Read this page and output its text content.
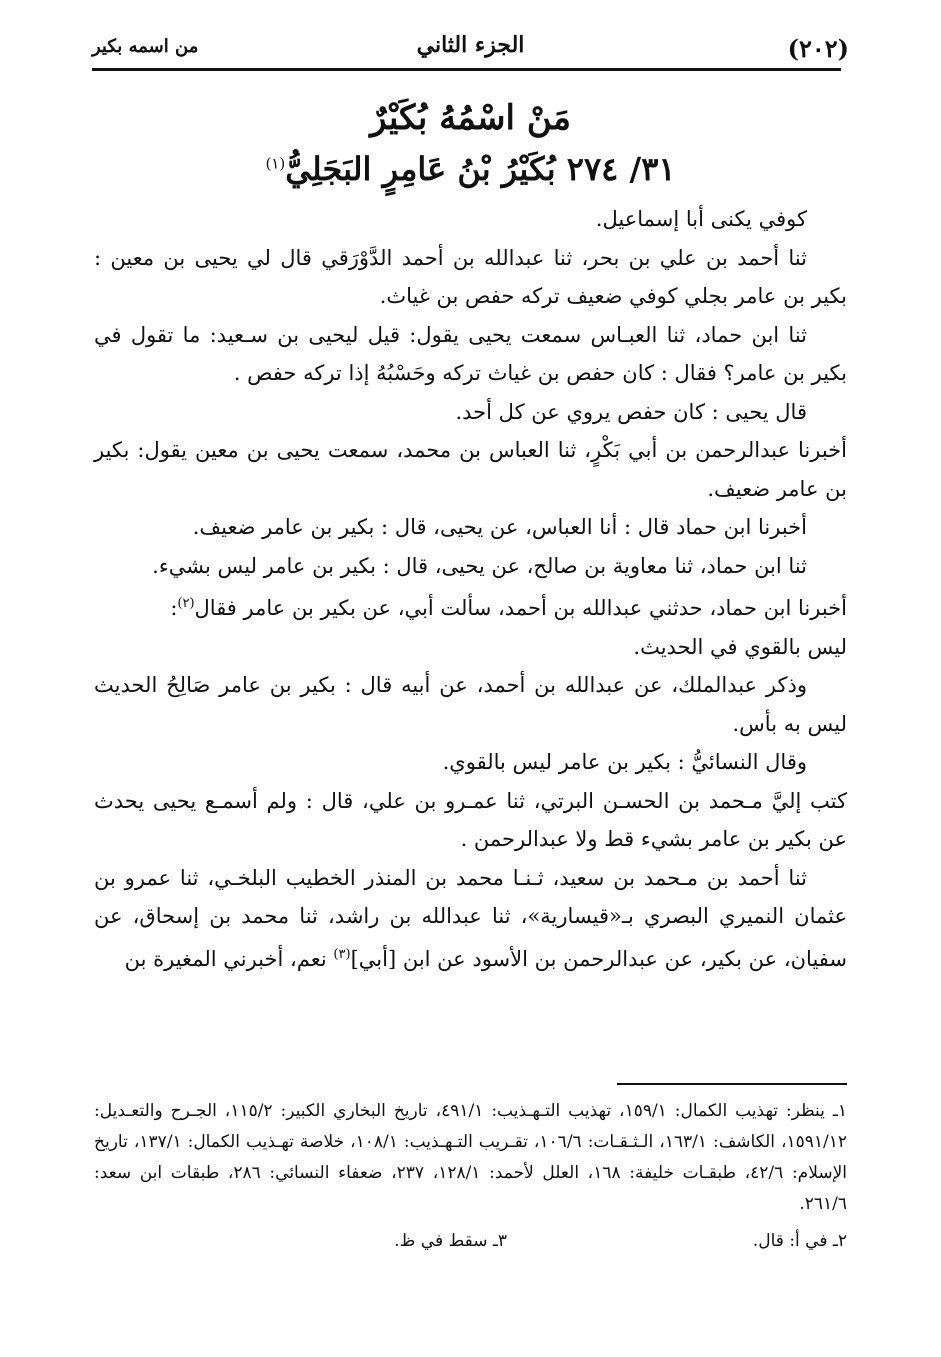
(٢٠٢)
الجزء الثاني
من اسمه بكير
مَنْ اسْمُهُ بُكَيْرٌ
٣١/ ٢٧٤ بُكَيْرُ بْنُ عَامِرٍ البَجَلِيُّ$^{(١)}$

كوفي يكنى أبا إسماعيل.

ثنا أحمد بن علي بن بحر، ثنا عبدالله بن أحمد الدَّوْرَقي قال لي يحيى بن معين : بكير بن عامر بجلي كوفي ضعيف تركه حفص بن غياث.

ثنا ابن حماد، ثنا العبـاس سمعت يحيى يقول: قيل ليحيى بن سـعيد: ما تقول في بكير بن عامر؟ فقال : كان حفص بن غياث تركه وحَسْبُهُ إذا تركه حفص .

قال يحيى : كان حفص يروي عن كل أحد.

أخبرنا عبدالرحمن بن أبي بَكْرٍ، ثنا العباس بن محمد، سمعت يحيى بن معين يقول: بكير بن عامر ضعيف.

أخبرنا ابن حماد قال : أنا العباس، عن يحيى، قال : بكير بن عامر ضعيف.

ثنا ابن حماد، ثنا معاوية بن صالح، عن يحيى، قال : بكير بن عامر ليس بشيء.

أخبرنا ابن حماد، حدثني عبدالله بن أحمد، سألت أبي، عن بكير بن عامر فقال$^{(٢)}$:

ليس بالقوي في الحديث.

وذكر عبدالملك، عن عبدالله بن أحمد، عن أبيه قال : بكير بن عامر صَالِحُ الحديث ليس به بأس.

وقال النسائيُّ : بكير بن عامر ليس بالقوي.

كتب إليَّ مـحمد بن الحسـن البرتي، ثنا عمـرو بن علي، قال : ولم أسمـع يحيى يحدث عن بكير بن عامر بشيء قط ولا عبدالرحمن .

ثنا أحمد بن مـحمد بن سعيد، ثـنـا محمد بن المنذر الخطيب البلخـي، ثنا عمرو بن عثمان النميري البصري بـ«قيسارية»، ثنا عبدالله بن راشد، ثنا محمد بن إسحاق، عن سفيان، عن بكير، عن عبدالرحمن بن الأسود عن ابن [أبي]$^{(٣)}$ نعم، أخبرني المغيرة بن

١ـ ينظر: تهذيب الكمال: ١٥٩/١، تهذيب التـهـذيب: ٤٩١/١، تاريخ البخاري الكبير: ١١٥/٢، الجـرح والتعـديل: ١٥٩١/١٢، الكاشف: ١٦٣/١، الـثـقـات: ١٠٦/٦، تقـريب التـهـذيب: ١٠٨/١، خلاصة تهـذيب الكمال: ١٣٧/١، تاريخ الإسلام: ٤٢/٦، طبقـات خليفة: ١٦٨، العلل لأحمد: ١٢٨/١، ٢٣٧، ضعفاء النسائي: ٢٨٦، طبقات ابن سعد: ٢٦١/٦.

٢ـ في أ: قال.
٣ـ سقط في ظ.
